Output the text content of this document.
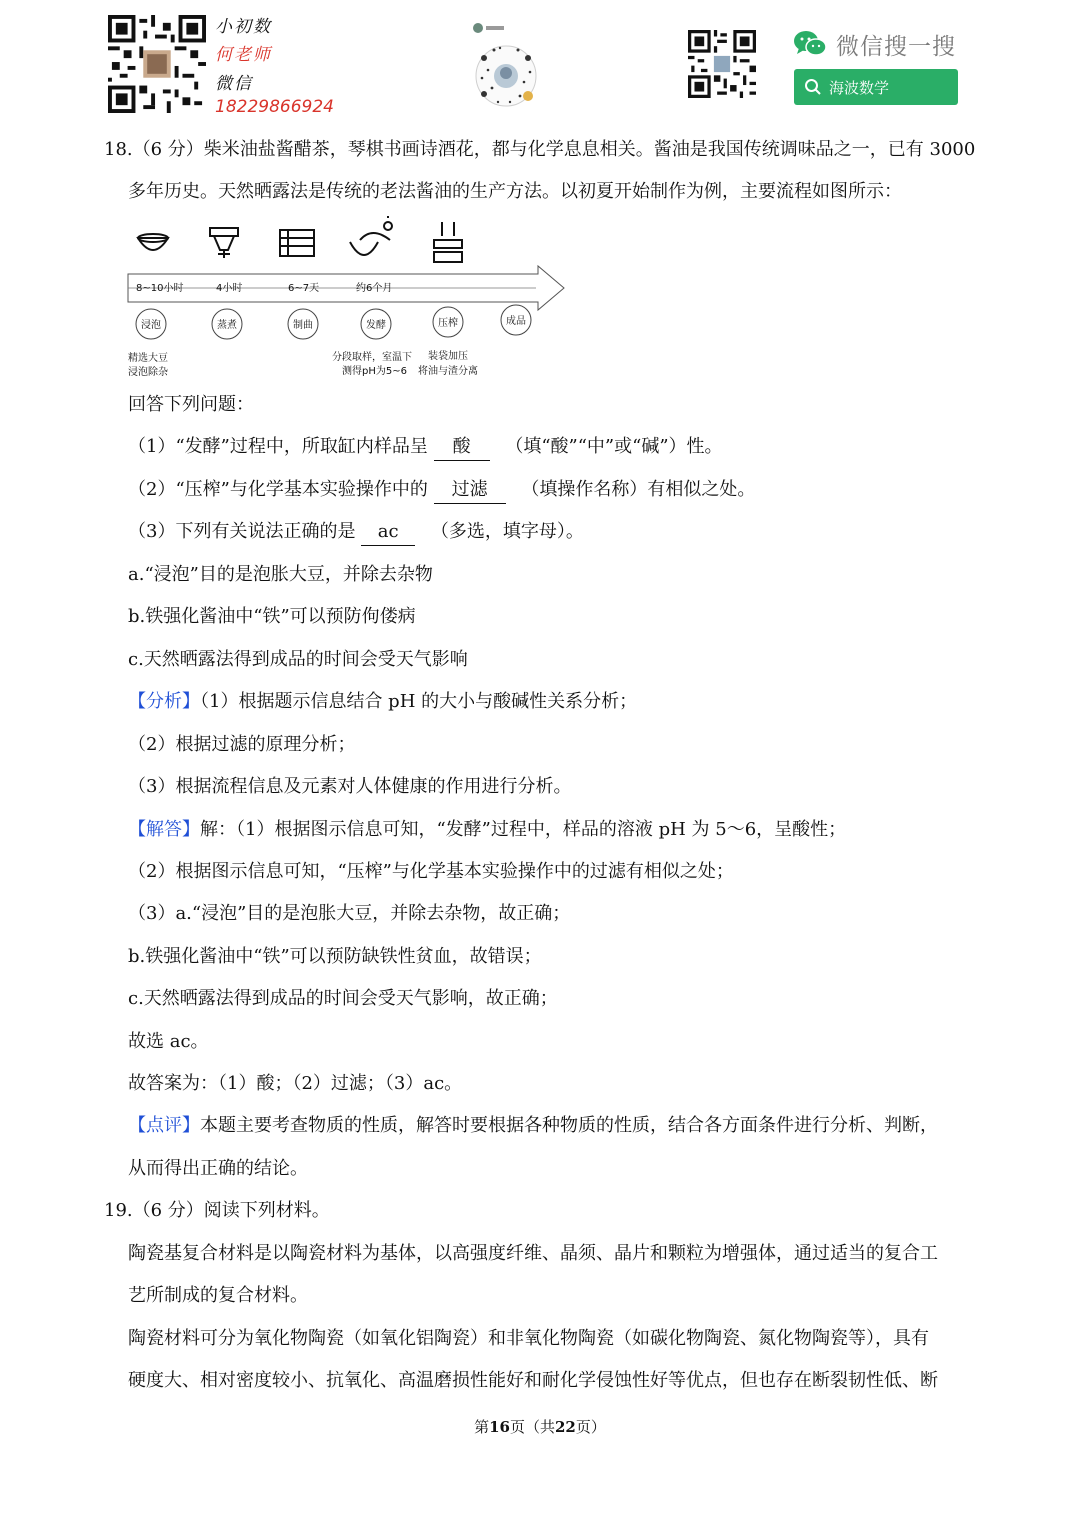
小初数
何老师
微信
18229866924
微信搜一搜
海波数学
18.（6 分）柴米油盐酱醋茶，琴棋书画诗酒花，都与化学息息相关。酱油是我国传统调味品之一，已有 3000
多年历史。天然晒露法是传统的老法酱油的生产方法。以初夏开始制作为例，主要流程如图所示：
8~10小时	4小时	6~7天	约6个月
浸泡	蒸煮	制曲	发酵	压榨	成品
精选大豆
浸泡除杂
分段取样，室温下
测得pH为5~6
装袋加压
将油与渣分离
回答下列问题：
（1）“发酵”过程中，所取缸内样品呈 酸 （填“酸”“中”或“碱”）性。
（2）“压榨”与化学基本实验操作中的 过滤 （填操作名称）有相似之处。
（3）下列有关说法正确的是 ac （多选，填字母）。
a.“浸泡”目的是泡胀大豆，并除去杂物
b.铁强化酱油中“铁”可以预防佝偻病
c.天然晒露法得到成品的时间会受天气影响
【分析】（1）根据题示信息结合 pH 的大小与酸碱性关系分析；
（2）根据过滤的原理分析；
（3）根据流程信息及元素对人体健康的作用进行分析。
【解答】解：（1）根据图示信息可知，“发酵”过程中，样品的溶液 pH 为 5～6，呈酸性；
（2）根据图示信息可知，“压榨”与化学基本实验操作中的过滤有相似之处；
（3）a.“浸泡”目的是泡胀大豆，并除去杂物，故正确；
b.铁强化酱油中“铁”可以预防缺铁性贫血，故错误；
c.天然晒露法得到成品的时间会受天气影响，故正确；
故选 ac。
故答案为：（1）酸；（2）过滤；（3）ac。
【点评】本题主要考查物质的性质，解答时要根据各种物质的性质，结合各方面条件进行分析、判断，
从而得出正确的结论。
19.（6 分）阅读下列材料。
陶瓷基复合材料是以陶瓷材料为基体，以高强度纤维、晶须、晶片和颗粒为增强体，通过适当的复合工
艺所制成的复合材料。
陶瓷材料可分为氧化物陶瓷（如氧化铝陶瓷）和非氧化物陶瓷（如碳化物陶瓷、氮化物陶瓷等），具有
硬度大、相对密度较小、抗氧化、高温磨损性能好和耐化学侵蚀性好等优点，但也存在断裂韧性低、断
第16页（共22页）
